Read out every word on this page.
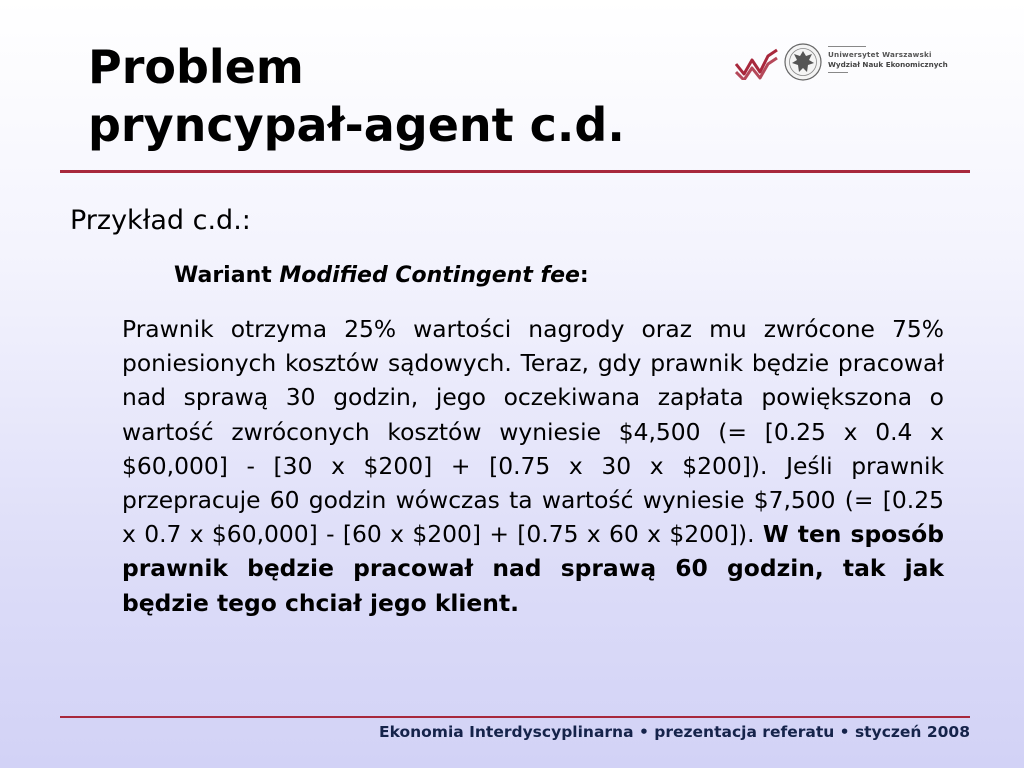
Problem
pryncypał-agent c.d.
Uniwersytet Warszawski
Wydział Nauk Ekonomicznych
Przykład c.d.:
Wariant Modified Contingent fee:

Prawnik otrzyma 25% wartości nagrody oraz mu zwrócone 75% poniesionych kosztów sądowych. Teraz, gdy prawnik będzie pracował nad sprawą 30 godzin, jego oczekiwana zapłata powiększona o wartość zwróconych kosztów wyniesie $4,500 (= [0.25 x 0.4 x $60,000] - [30 x $200] + [0.75 x 30 x $200]). Jeśli prawnik przepracuje 60 godzin wówczas ta wartość wyniesie $7,500 (= [0.25 x 0.7 x $60,000] - [60 x $200] + [0.75 x 60 x $200]). W ten sposób prawnik będzie pracował nad sprawą 60 godzin, tak jak będzie tego chciał jego klient.

Ekonomia Interdyscyplinarna • prezentacja referatu • styczeń 2008
